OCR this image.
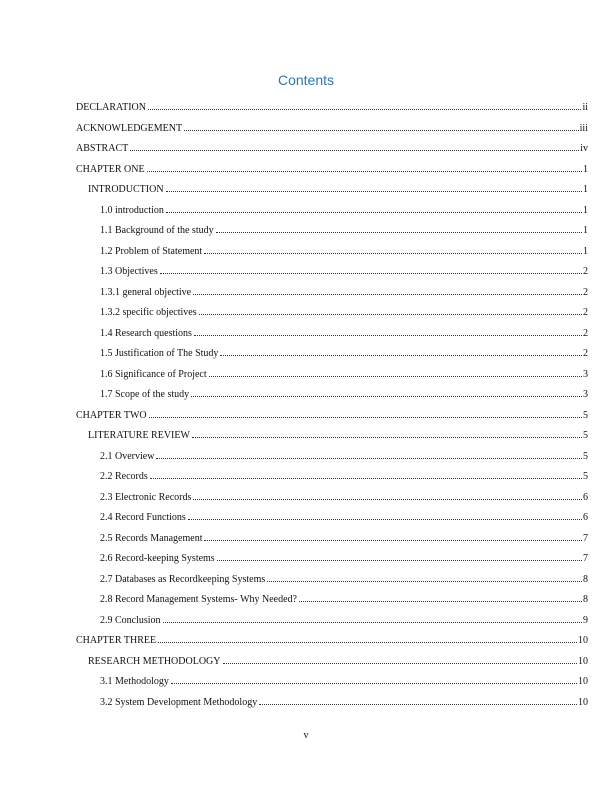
Contents
DECLARATION	ii
ACKNOWLEDGEMENT	iii
ABSTRACT	iv
CHAPTER ONE	1
INTRODUCTION	1
1.0 introduction	1
1.1 Background of the study	1
1.2 Problem of Statement	1
1.3 Objectives	2
1.3.1 general objective	2
1.3.2 specific objectives	2
1.4 Research questions	2
1.5 Justification of The Study	2
1.6 Significance of Project	3
1.7 Scope of the study	3
CHAPTER TWO	5
LITERATURE REVIEW	5
2.1 Overview	5
2.2 Records	5
2.3 Electronic Records	6
2.4 Record Functions	6
2.5 Records Management	7
2.6 Record-keeping Systems	7
2.7 Databases as Recordkeeping Systems	8
2.8 Record Management Systems- Why Needed?	8
2.9 Conclusion	9
CHAPTER THREE	10
RESEARCH METHODOLOGY	10
3.1 Methodology	10
3.2 System Development Methodology	10
v
